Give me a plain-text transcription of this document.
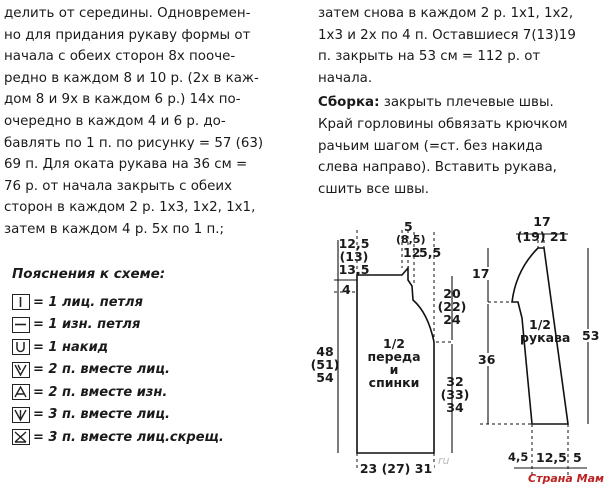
делить от середины. Одновремен-
но для придания рукаву формы от
начала с обеих сторон 8х пооче-
редно в каждом 8 и 10 р. (2х в каж-
дом 8 и 9х в каждом 6 р.) 14х по-
очередно в каждом 4 и 6 р. до-
бавлять по 1 п. по рисунку = 57 (63)
69 п. Для оката рукава на 36 см =
76 р. от начала закрыть с обеих
сторон в каждом 2 р. 1х3, 1х2, 1х1,
затем в каждом 4 р. 5х по 1 п.;
затем снова в каждом 2 р. 1х1, 1х2,
1х3 и 2х по 4 п. Оставшиеся 7(13)19
п. закрыть на 53 см = 112 р. от
начала.
Сборка: закрыть плечевые швы.
Край горловины обвязать крючком
рачьим шагом (=ст. без накида
слева направо). Вставить рукава,
сшить все швы.
Пояснения к схеме:
= 1 лиц. петля
= 1 изн. петля
= 1 накид
= 2 п. вместе лиц.
= 2 п. вместе изн.
= 3 п. вместе лиц.
= 3 п. вместе лиц.скрещ.
12,5
(13)
13,5
5
(8,5)
12
5,5
4	20
(22)
24
48
(51)
54
1/2
переда
и
спинки	32
(33)
34
23 (27) 31
17
(19) 21
17
1/2
рукава
36
53
4,5 12,5 5
ru
Страна Мам
